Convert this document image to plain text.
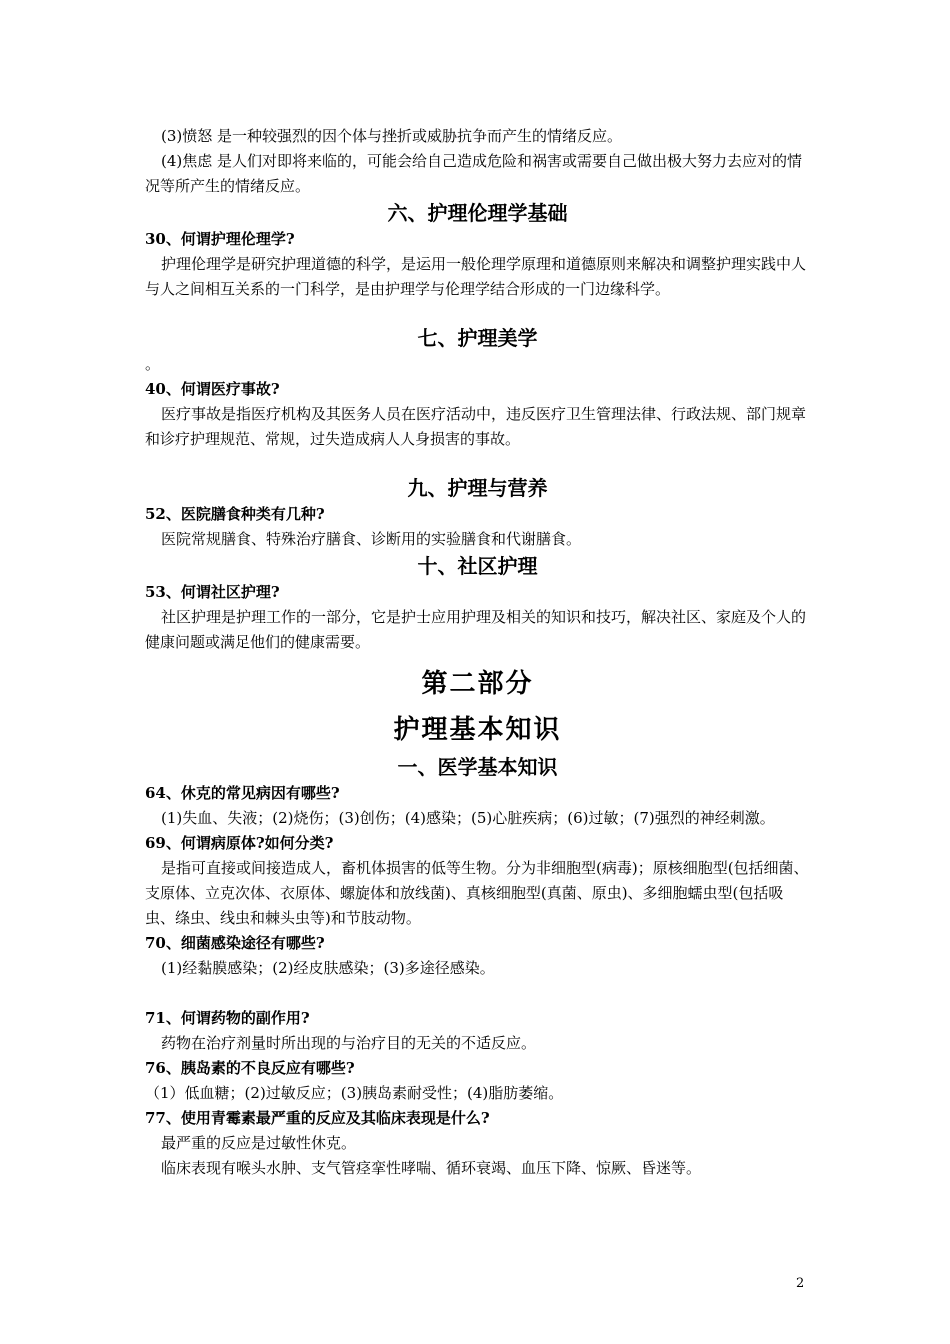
(3)愤怒 是一种较强烈的因个体与挫折或威胁抗争而产生的情绪反应。

(4)焦虑 是人们对即将来临的，可能会给自己造成危险和祸害或需要自己做出极大努力去应对的情况等所产生的情绪反应。

六、护理伦理学基础

30、何谓护理伦理学?

护理伦理学是研究护理道德的科学，是运用一般伦理学原理和道德原则来解决和调整护理实践中人与人之间相互关系的一门科学，是由护理学与伦理学结合形成的一门边缘科学。

七、护理美学

。

40、何谓医疗事故?

医疗事故是指医疗机构及其医务人员在医疗活动中，违反医疗卫生管理法律、行政法规、部门规章和诊疗护理规范、常规，过失造成病人人身损害的事故。

九、护理与营养

52、医院膳食种类有几种?

医院常规膳食、特殊治疗膳食、诊断用的实验膳食和代谢膳食。

十、社区护理

53、何谓社区护理?

社区护理是护理工作的一部分，它是护士应用护理及相关的知识和技巧，解决社区、家庭及个人的健康问题或满足他们的健康需要。

第二部分
护理基本知识
一、医学基本知识

64、休克的常见病因有哪些?

(1)失血、失液；(2)烧伤；(3)创伤；(4)感染；(5)心脏疾病；(6)过敏；(7)强烈的神经刺激。

69、何谓病原体?如何分类?

是指可直接或间接造成人，畜机体损害的低等生物。分为非细胞型(病毒)；原核细胞型(包括细菌、支原体、立克次体、衣原体、螺旋体和放线菌)、真核细胞型(真菌、原虫)、多细胞蠕虫型(包括吸虫、绦虫、线虫和棘头虫等)和节肢动物。

70、细菌感染途径有哪些?

(1)经黏膜感染；(2)经皮肤感染；(3)多途径感染。

71、何谓药物的副作用?

药物在治疗剂量时所出现的与治疗目的无关的不适反应。

76、胰岛素的不良反应有哪些?

（1）低血糖；(2)过敏反应；(3)胰岛素耐受性；(4)脂肪萎缩。

77、使用青霉素最严重的反应及其临床表现是什么?

最严重的反应是过敏性休克。

临床表现有喉头水肿、支气管痉挛性哮喘、循环衰竭、血压下降、惊厥、昏迷等。

2
